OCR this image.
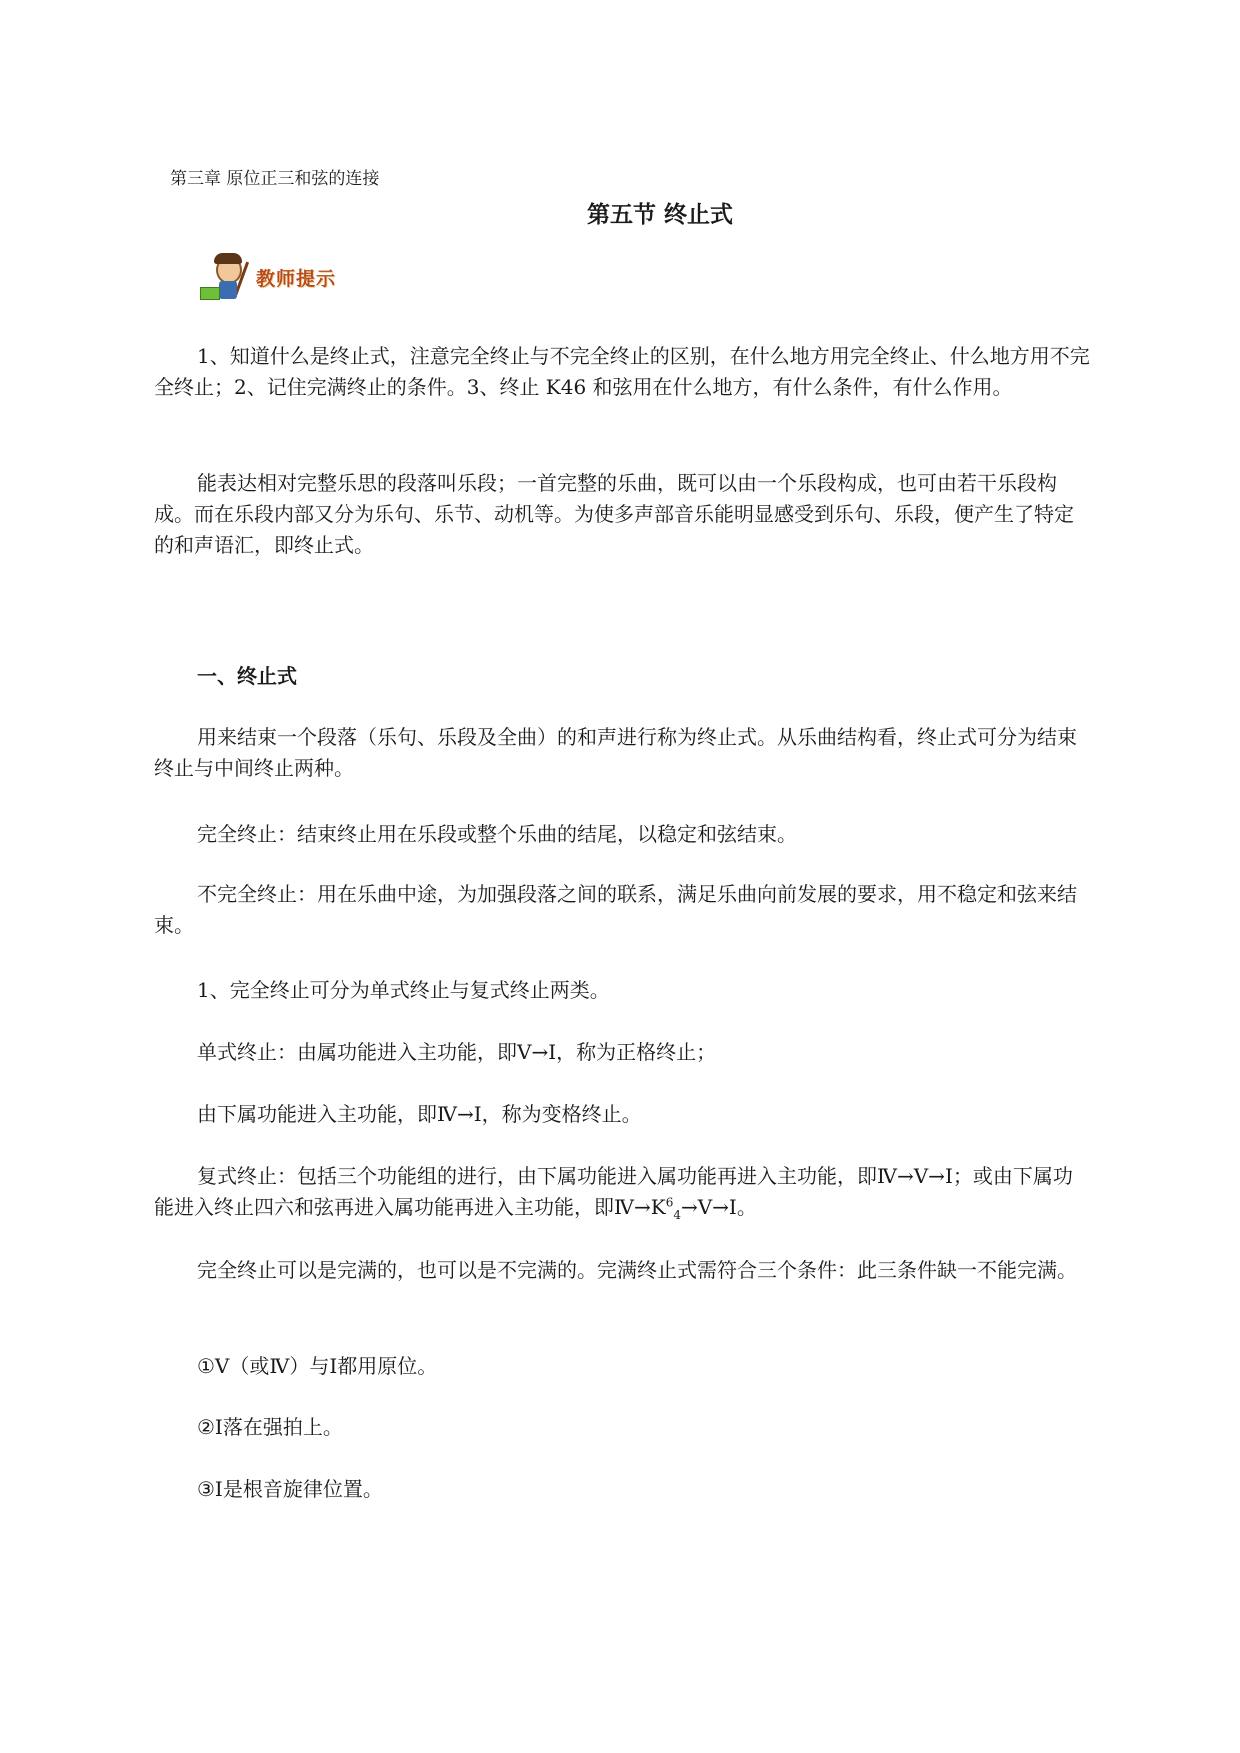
第三章 原位正三和弦的连接
第五节 终止式
教师提示

1、知道什么是终止式，注意完全终止与不完全终止的区别，在什么地方用完全终止、什么地方用不完全终止；2、记住完满终止的条件。3、终止 K46 和弦用在什么地方，有什么条件，有什么作用。

能表达相对完整乐思的段落叫乐段；一首完整的乐曲，既可以由一个乐段构成，也可由若干乐段构成。而在乐段内部又分为乐句、乐节、动机等。为使多声部音乐能明显感受到乐句、乐段，便产生了特定的和声语汇，即终止式。

一、终止式

用来结束一个段落（乐句、乐段及全曲）的和声进行称为终止式。从乐曲结构看，终止式可分为结束终止与中间终止两种。

完全终止：结束终止用在乐段或整个乐曲的结尾，以稳定和弦结束。

不完全终止：用在乐曲中途，为加强段落之间的联系，满足乐曲向前发展的要求，用不稳定和弦来结束。

1、完全终止可分为单式终止与复式终止两类。

单式终止：由属功能进入主功能，即Ⅴ→Ⅰ，称为正格终止；

由下属功能进入主功能，即Ⅳ→Ⅰ，称为变格终止。

复式终止：包括三个功能组的进行，由下属功能进入属功能再进入主功能，即Ⅳ→Ⅴ→Ⅰ；或由下属功能进入终止四六和弦再进入属功能再进入主功能，即$Ⅳ\to K^6_4\to Ⅴ\to Ⅰ$。

完全终止可以是完满的，也可以是不完满的。完满终止式需符合三个条件：此三条件缺一不能完满。

①Ⅴ（或Ⅳ）与Ⅰ都用原位。

②Ⅰ落在强拍上。

③Ⅰ是根音旋律位置。
